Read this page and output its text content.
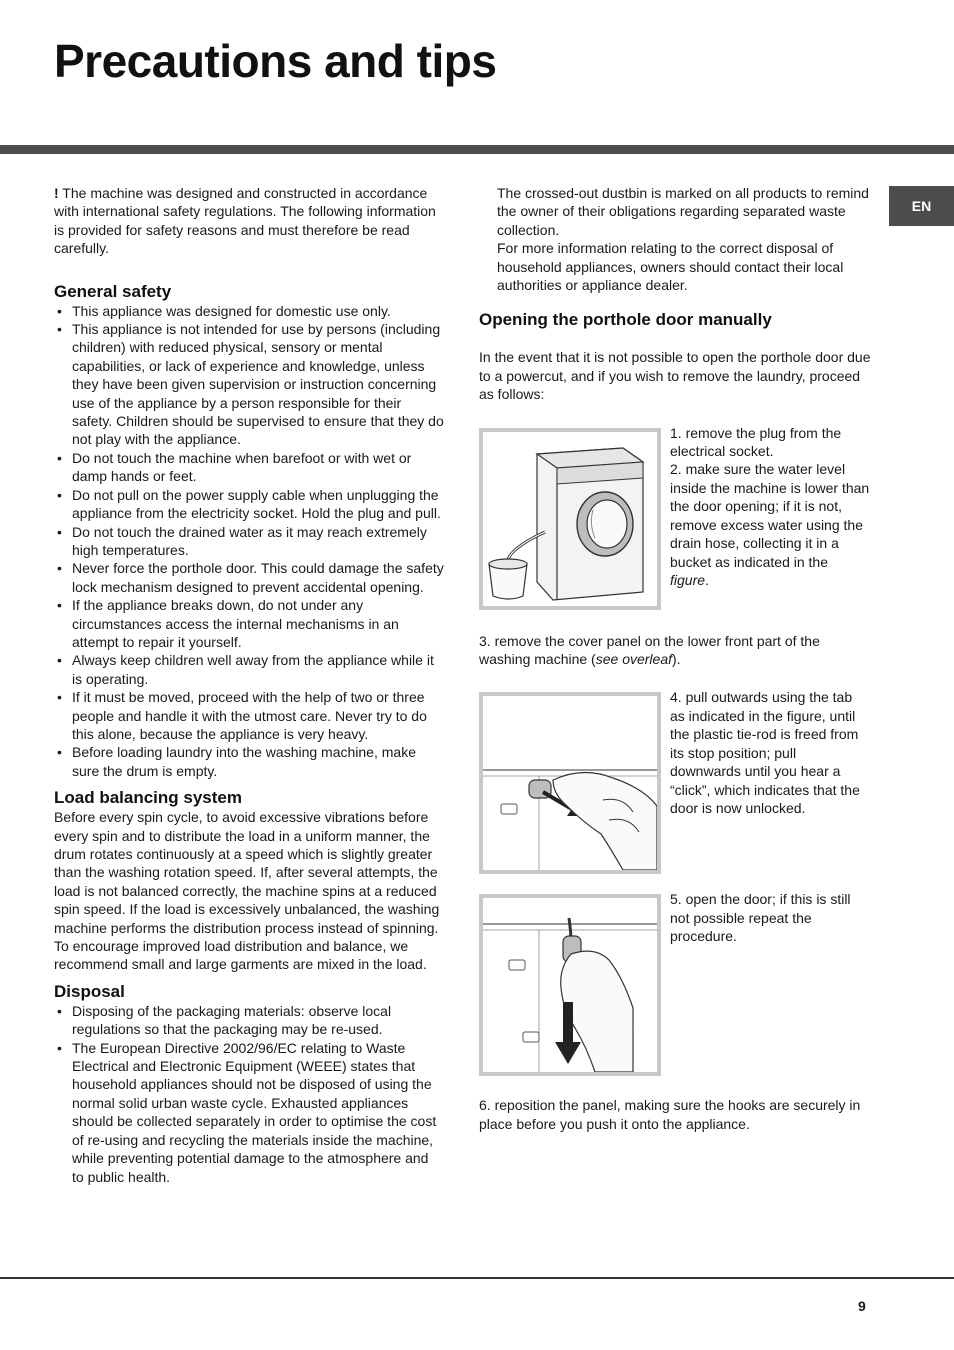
Precautions and tips
EN

! The machine was designed and constructed in accordance with international safety regulations. The following information is provided for safety reasons and must therefore be read carefully.

General safety
• This appliance was designed for domestic use only.
• This appliance is not intended for use by persons (including children) with reduced physical, sensory or mental capabilities, or lack of experience and knowledge, unless they have been given supervision or instruction concerning use of the appliance by a person responsible for their safety. Children should be supervised to ensure that they do not play with the appliance.
• Do not touch the machine when barefoot or with wet or damp hands or feet.
• Do not pull on the power supply cable when unplugging the appliance from the electricity socket. Hold the plug and pull.
• Do not touch the drained water as it may reach extremely high temperatures.
• Never force the porthole door. This could damage the safety lock mechanism designed to prevent accidental opening.
• If the appliance breaks down, do not under any circumstances access the internal mechanisms in an attempt to repair it yourself.
• Always keep children well away from the appliance while it is operating.
• If it must be moved, proceed with the help of two or three people and handle it with the utmost care. Never try to do this alone, because the appliance is very heavy.
• Before loading laundry into the washing machine, make sure the drum is empty.
Load balancing system

Before every spin cycle, to avoid excessive vibrations before every spin and to distribute the load in a uniform manner, the drum rotates continuously at a speed which is slightly greater than the washing rotation speed. If, after several attempts, the load is not balanced correctly, the machine spins at a reduced spin speed. If the load is excessively unbalanced, the washing machine performs the distribution process instead of spinning. To encourage improved load distribution and balance, we recommend small and large garments are mixed in the load.

Disposal
• Disposing of the packaging materials: observe local regulations so that the packaging may be re-used.
• The European Directive 2002/96/EC relating to Waste Electrical and Electronic Equipment (WEEE) states that household appliances should not be disposed of using the normal solid urban waste cycle. Exhausted appliances should be collected separately in order to optimise the cost of re-using and recycling the materials inside the machine, while preventing potential damage to the atmosphere and to public health.

The crossed-out dustbin is marked on all products to remind the owner of their obligations regarding separated waste collection.

For more information relating to the correct disposal of household appliances, owners should contact their local authorities or appliance dealer.

Opening the porthole door manually

In the event that it is not possible to open the porthole door due to a powercut, and if you wish to remove the laundry, proceed as follows:

1. remove the plug from the electrical socket.

2. make sure the water level inside the machine is lower than the door opening; if it is not, remove excess water using the drain hose, collecting it in a bucket as indicated in the figure.

3. remove the cover panel on the lower front part of the washing machine (see overleaf).

4. pull outwards using the tab as indicated in the figure, until the plastic tie-rod is freed from its stop position; pull downwards until you hear a “click”, which indicates that the door is now unlocked.

5. open the door; if this is still not possible repeat the procedure.

6. reposition the panel, making sure the hooks are securely in place before you push it onto the appliance.

9
